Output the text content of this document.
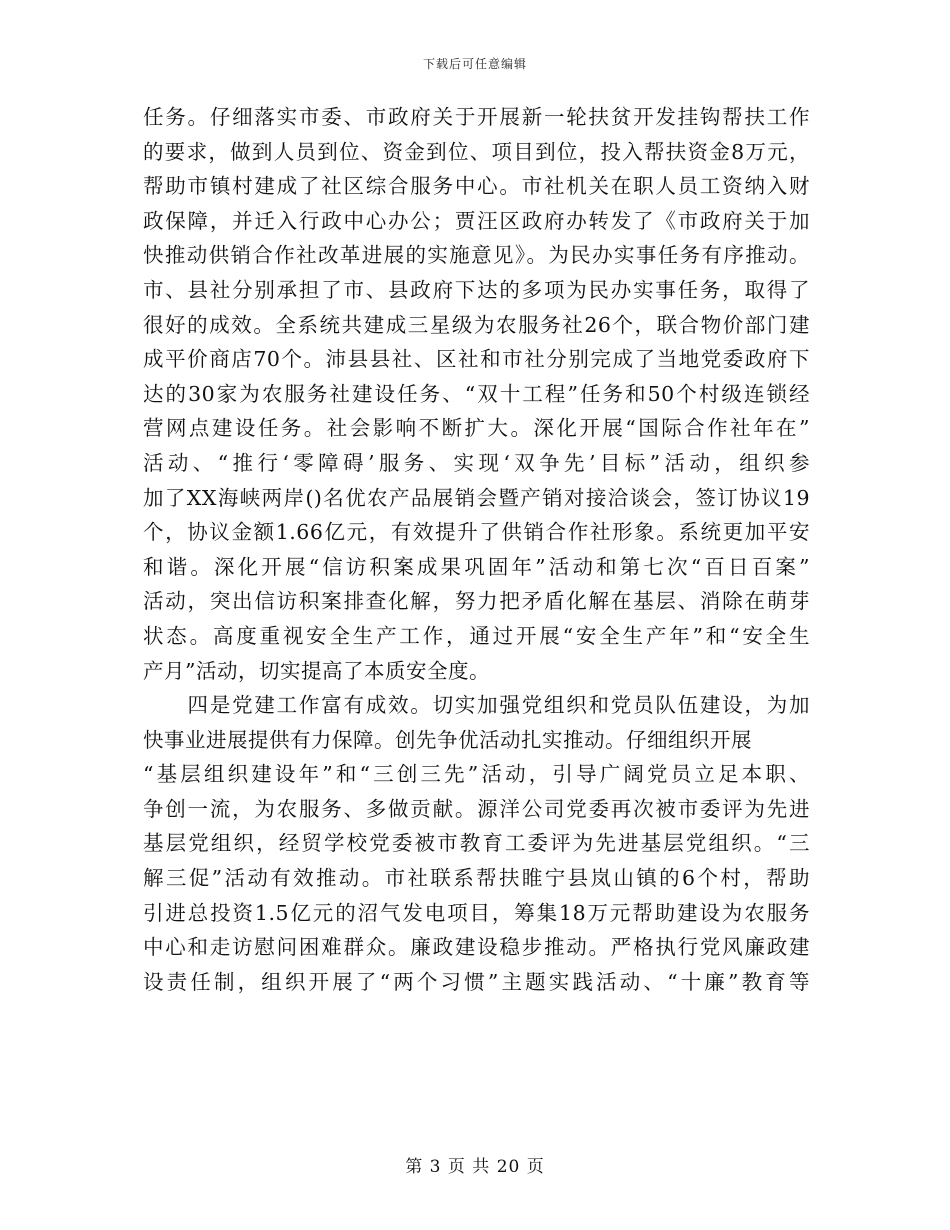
下载后可任意编辑
任务。仔细落实市委、市政府关于开展新一轮扶贫开发挂钩帮扶工作
的要求，做到人员到位、资金到位、项目到位，投入帮扶资金8万元，
帮助市镇村建成了社区综合服务中心。市社机关在职人员工资纳入财
政保障，并迁入行政中心办公；贾汪区政府办转发了《市政府关于加
快推动供销合作社改革进展的实施意见》。为民办实事任务有序推动。
市、县社分别承担了市、县政府下达的多项为民办实事任务，取得了
很好的成效。全系统共建成三星级为农服务社26个，联合物价部门建
成平价商店70个。沛县县社、区社和市社分别完成了当地党委政府下
达的30家为农服务社建设任务、“双十工程”任务和50个村级连锁经
营网点建设任务。社会影响不断扩大。深化开展“国际合作社年在”
活动、“推行‘零障碍’服务、实现‘双争先’目标”活动，组织参
加了XX海峡两岸()名优农产品展销会暨产销对接洽谈会，签订协议19
个，协议金额1.66亿元，有效提升了供销合作社形象。系统更加平安
和谐。深化开展“信访积案成果巩固年”活动和第七次“百日百案”
活动，突出信访积案排查化解，努力把矛盾化解在基层、消除在萌芽
状态。高度重视安全生产工作，通过开展“安全生产年”和“安全生
产月”活动，切实提高了本质安全度。
　　四是党建工作富有成效。切实加强党组织和党员队伍建设，为加
快事业进展提供有力保障。创先争优活动扎实推动。仔细组织开展
“基层组织建设年”和“三创三先”活动，引导广阔党员立足本职、
争创一流，为农服务、多做贡献。源洋公司党委再次被市委评为先进
基层党组织，经贸学校党委被市教育工委评为先进基层党组织。“三
解三促”活动有效推动。市社联系帮扶睢宁县岚山镇的6个村，帮助
引进总投资1.5亿元的沼气发电项目，筹集18万元帮助建设为农服务
中心和走访慰问困难群众。廉政建设稳步推动。严格执行党风廉政建
设责任制，组织开展了“两个习惯”主题实践活动、“十廉”教育等
第 3 页 共 20 页
